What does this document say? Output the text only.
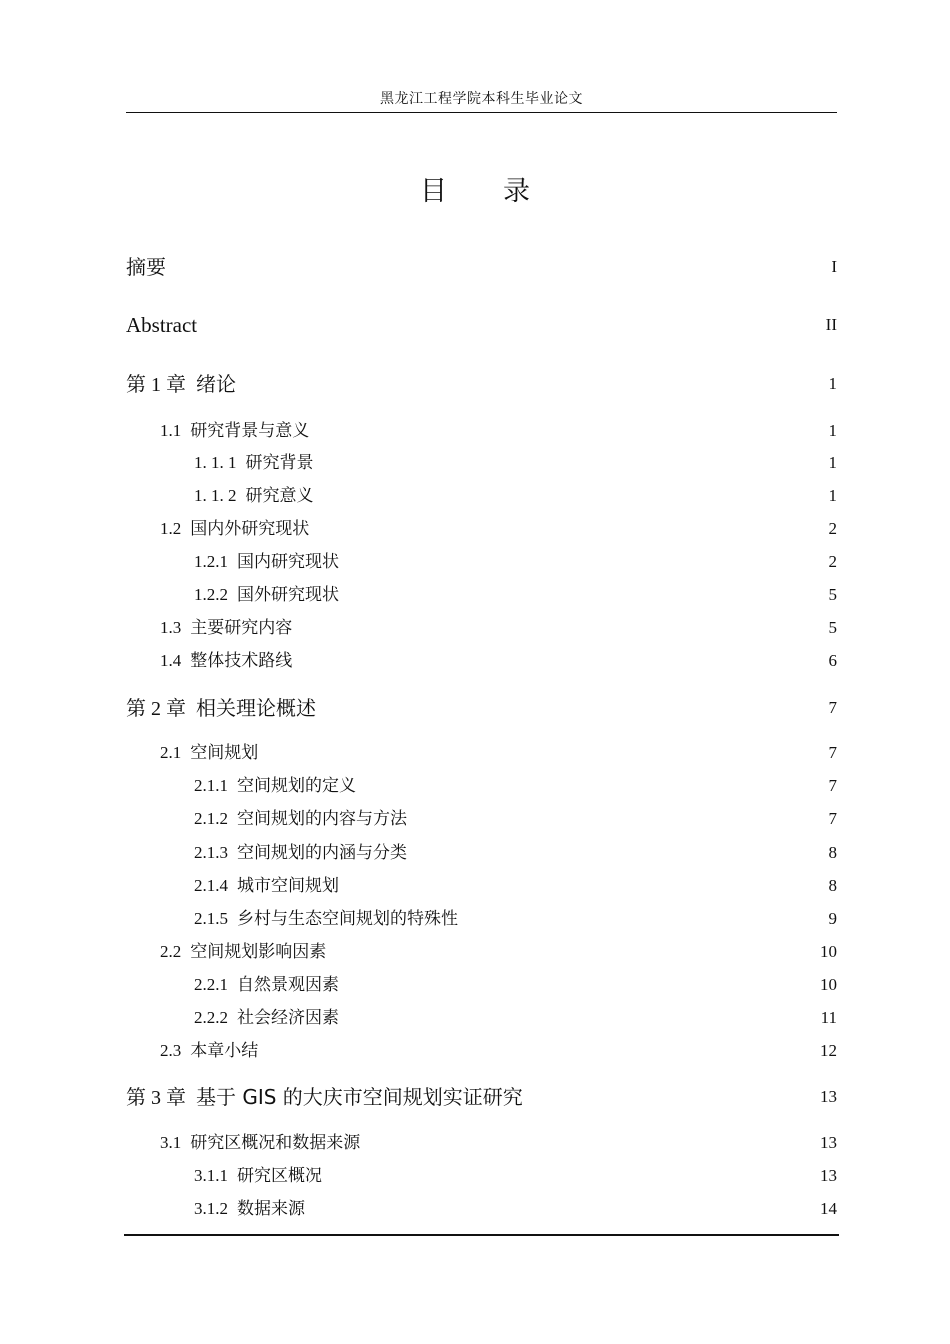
黑龙江工程学院本科生毕业论文
目 录
摘要	I
Abstract	II
第 1 章 绪论	1
1.1 研究背景与意义	1
1. 1. 1 研究背景	1
1. 1. 2 研究意义	1
1.2 国内外研究现状	2
1.2.1 国内研究现状	2
1.2.2 国外研究现状	5
1.3 主要研究内容	5
1.4 整体技术路线	6
第 2 章 相关理论概述	7
2.1 空间规划	7
2.1.1 空间规划的定义	7
2.1.2 空间规划的内容与方法	7
2.1.3 空间规划的内涵与分类	8
2.1.4 城市空间规划	8
2.1.5 乡村与生态空间规划的特殊性	9
2.2 空间规划影响因素	10
2.2.1 自然景观因素	10
2.2.2 社会经济因素	11
2.3 本章小结	12
第 3 章 基于 GIS 的大庆市空间规划实证研究	13
3.1 研究区概况和数据来源	13
3.1.1 研究区概况	13
3.1.2 数据来源	14
